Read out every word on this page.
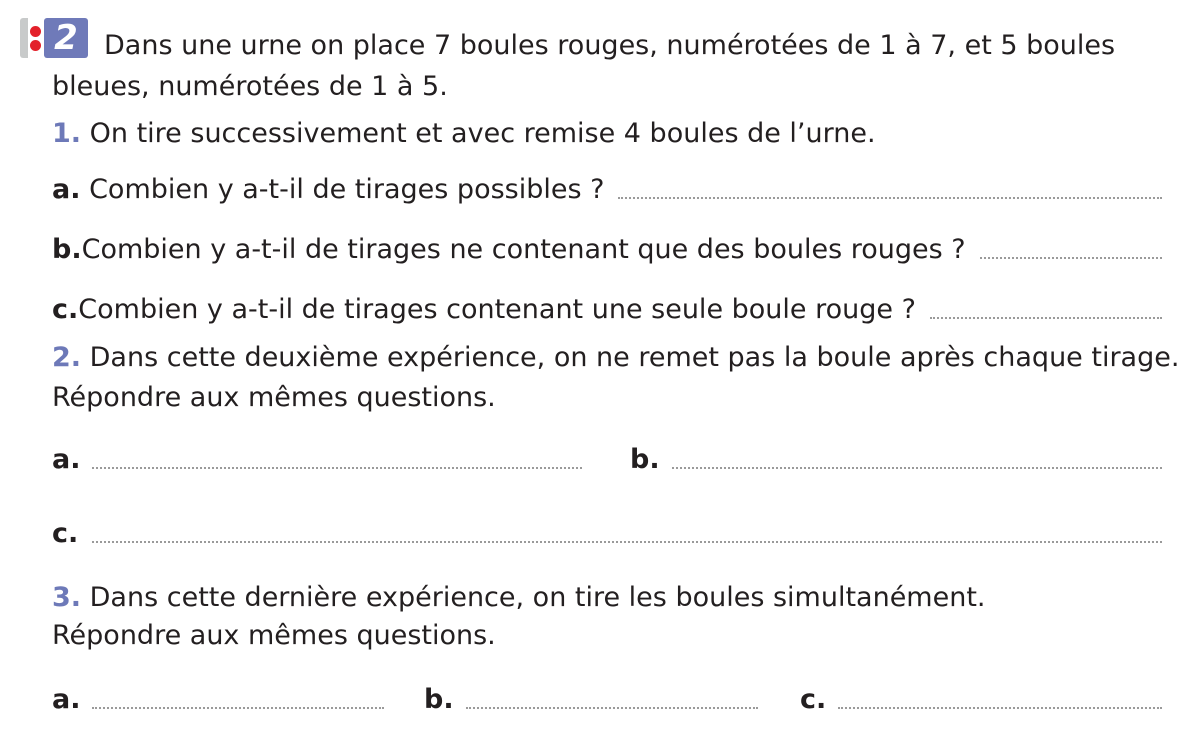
2 Dans une urne on place 7 boules rouges, numérotées de 1 à 7, et 5 boules
bleues, numérotées de 1 à 5.
1.
On tire successivement et avec remise 4 boules de l’urne.
a.
Combien y a-t-il de tirages possibles ?
b. Combien y a-t-il de tirages ne contenant que des boules rouges ?
c. Combien y a-t-il de tirages contenant une seule boule rouge ?
2.
Dans cette deuxième expérience, on ne remet pas la boule après chaque tirage.
Répondre aux mêmes questions.
a.	b.
c.
3.
Dans cette dernière expérience, on tire les boules simultanément.
Répondre aux mêmes questions.
a.	b.	c.
